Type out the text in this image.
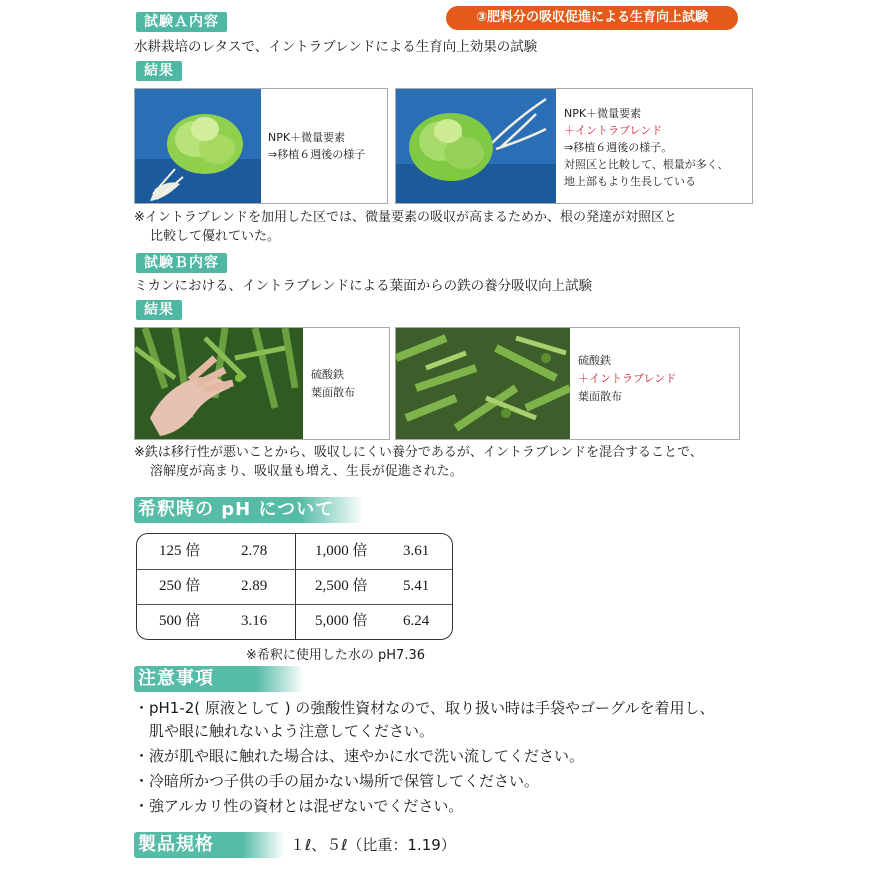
③肥料分の吸収促進による生育向上試験
試験Ａ内容
水耕栽培のレタスで、イントラブレンドによる生育向上効果の試験
結果
NPK＋微量要素
⇒移植６週後の様子
NPK＋微量要素
＋イントラブレンド
⇒移植６週後の様子。
対照区と比較して、根量が多く、
地上部もより生長している
※イントラブレンドを加用した区では、微量要素の吸収が高まるためか、根の発達が対照区と
比較して優れていた。
試験Ｂ内容
ミカンにおける、イントラブレンドによる葉面からの鉄の養分吸収向上試験
結果
硫酸鉄
葉面散布
硫酸鉄
＋イントラブレンド
葉面散布
※鉄は移行性が悪いことから、吸収しにくい養分であるが、イントラブレンドを混合することで、
溶解度が高まり、吸収量も増え、生長が促進された。
希釈時の pH について
125 倍	2.78	1,000 倍 3.61
250 倍	2.89	2,500 倍 5.41
500 倍	3.16	5,000 倍 6.24
※希釈に使用した水の pH7.36
注意事項
・pH1-2( 原液として ) の強酸性資材なので、取り扱い時は手袋やゴーグルを着用し、
　肌や眼に触れないよう注意してください。
・液が肌や眼に触れた場合は、速やかに水で洗い流してください。
・冷暗所かつ子供の手の届かない場所で保管してください。
・強アルカリ性の資材とは混ぜないでください。
製品規格	１ℓ、５ℓ（比重：1.19）
